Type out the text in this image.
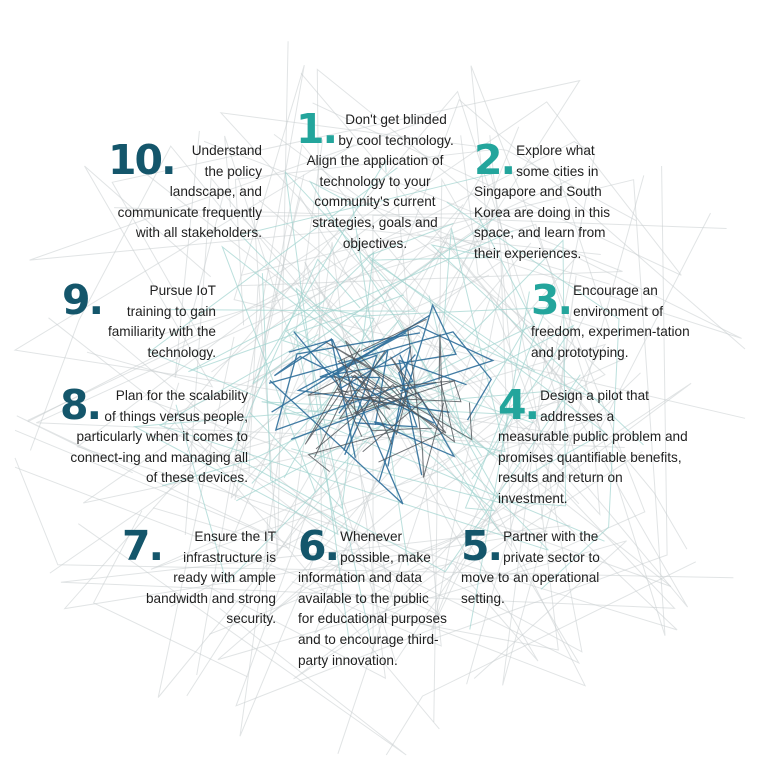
1. Don't get blinded by cool technology. Align the application of technology to your community's current strategies, goals and objectives.
2. Explore what some cities in Singapore and South Korea are doing in this space, and learn from their experiences.
3. Encourage an environment of freedom, experimen-tation and prototyping.
4. Design a pilot that addresses a measurable public problem and promises quantifiable benefits, results and return on investment.
5. Partner with the private sector to move to an operational setting.
6. Whenever possible, make information and data available to the public for educational purposes and to encourage third-party innovation.
7. Ensure the IT infrastructure is ready with ample bandwidth and strong security.
8. Plan for the scalability of things versus people, particularly when it comes to connect-ing and managing all of these devices.
9.	Pursue IoT training to gain familiarity with the technology.
10. Understand the policy landscape, and communicate frequently with all stakeholders.
